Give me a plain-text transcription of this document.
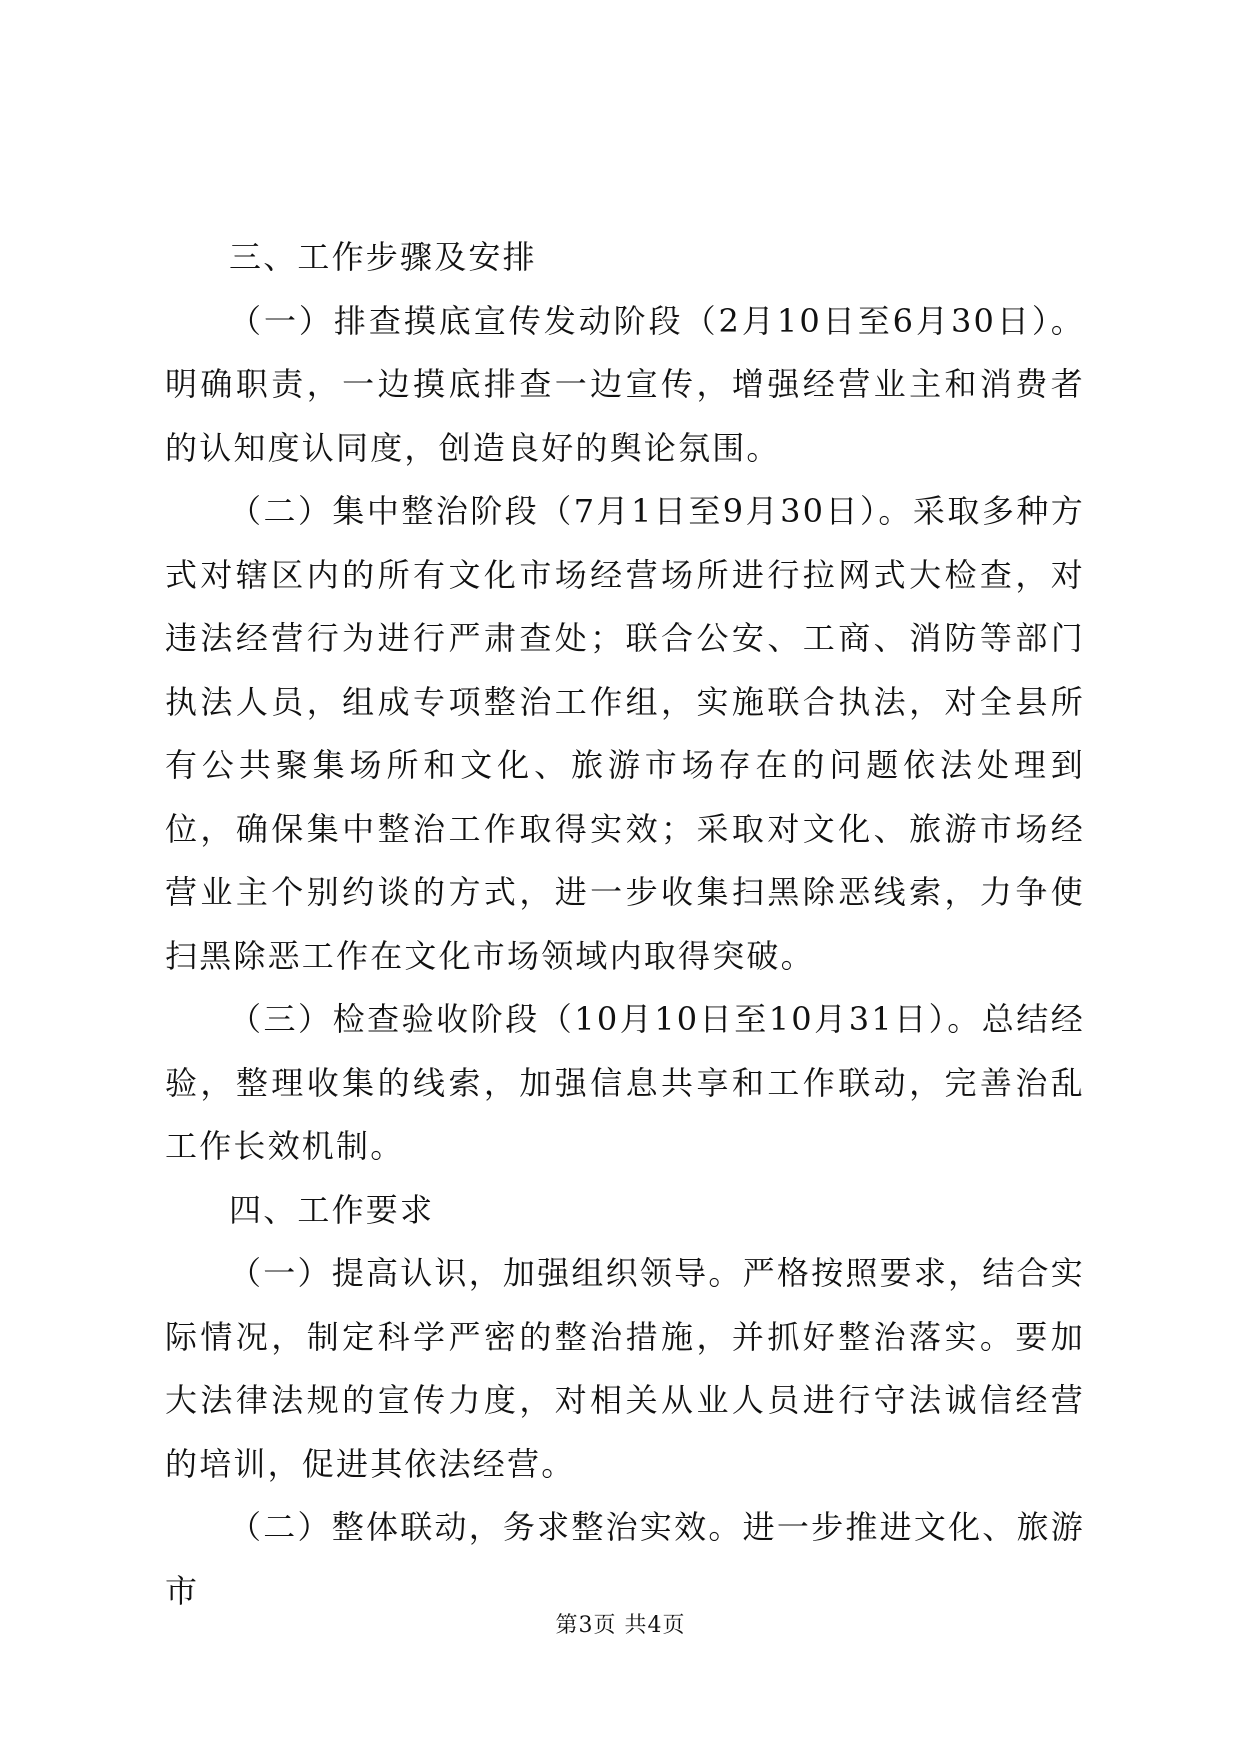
三、工作步骤及安排

（一）排查摸底宣传发动阶段（2月10日至6月30日）。明确职责，一边摸底排查一边宣传，增强经营业主和消费者的认知度认同度，创造良好的舆论氛围。

（二）集中整治阶段（7月1日至9月30日）。采取多种方式对辖区内的所有文化市场经营场所进行拉网式大检查，对违法经营行为进行严肃查处；联合公安、工商、消防等部门执法人员，组成专项整治工作组，实施联合执法，对全县所有公共聚集场所和文化、旅游市场存在的问题依法处理到位，确保集中整治工作取得实效；采取对文化、旅游市场经营业主个别约谈的方式，进一步收集扫黑除恶线索，力争使扫黑除恶工作在文化市场领域内取得突破。

（三）检查验收阶段（10月10日至10月31日）。总结经验，整理收集的线索，加强信息共享和工作联动，完善治乱工作长效机制。

四、工作要求

（一）提高认识，加强组织领导。严格按照要求，结合实际情况，制定科学严密的整治措施，并抓好整治落实。要加大法律法规的宣传力度，对相关从业人员进行守法诚信经营的培训，促进其依法经营。

（二）整体联动，务求整治实效。进一步推进文化、旅游市

第3页 共4页
